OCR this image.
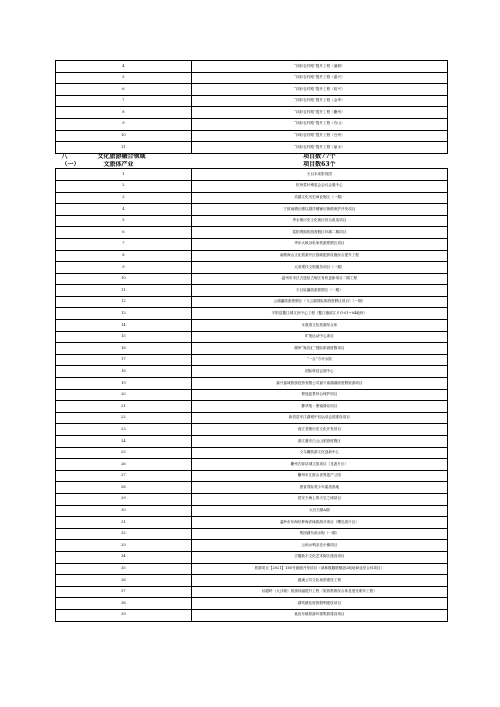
4	“四好农村路”提升工程（浦树）
5	“四好农村路”提升工程（嘉兴）
6	“四好农村路”提升工程（绍兴）
7	“四好农村路”提升工程（金华）
8	“四好农村路”提升工程（衢州）
9	“四好农村路”提升工程（舟山）
10	“四好农村路”提升工程（台州）
11	“四好农村路”提升工程（丽水）
八 文化旅游融合领域	项目数77个
（一） 文旅体产业	项目数63个
1	天目未来影视园
2	杭州菜叶博览会会议会展中心
3	宾越文化历史商业街区（一期）
4	宁波南塘区塘以剧洋楼铺坊街路保护开发项目
5	秀水街历史文化街区综合改造项目
6	富阳胥源旅游度假区环湖二期项目
7	华东大峡谷私家旅游度假区项目
8	南麂海山文化旅游开区基础配套设施综合提升工程
9	大成观代文旅服务项目（一期）
10	温州市市区古遗址古街区有机更新项目二期工程
11	天目宸瀛旅游度假区（一期）
12	云湖瀛旅游度假区（飞云湖国际旅游度假区项目）（一期）
13	平阳县鳌江城文体中心工程（鳌江镇滨江片G-01~04地块）
14	永康湾文化旅游综合体
15	旷苑运动中心项目
16	湖州“奥若汇”国际旅游度假项目
17	“一点”方圩水院
18	国际科技会展中心
19	嘉兴嘉城旅游投资有限公司嘉兴南湖湖滨度假旅游项目
20	鹜逸蓝景综合保护项目
21	鄞华苑・康镜驿站项目
22	新昌县车江湖城中岛运动会园建设项目
23	西江老街历史文化开发项目
24	浙江磐安白云山旅游度假区
25	义乌魔旅游文化创新中心
26	衢州古驿站城文旅项目（龙游片区）
27	衢州市江郎山世界遗产公园
28	团省青际青少年素质基地
29	居安天海上的天空之城项目
30	大台石镇A期
31	温岭市东海好梦海洋域旅游开项目（曙光湾片区）
32	集团湖东滨水街（一期）
33	云和水利亲近小镇项目
34	古榴新丰文化艺术街区建设项目
35	旅游项目【2021】185号旗级开发项目（演林数藏联镇创2地场商业综合体项目）
36	慈溪公共文化场馆建设工程
37	仙霞岭（大沙街）旅游综融提升工程（旅游集散综合体及度光明车工程）
38	湖笃镇佳度旅假利建设项目
39	莫田东镇旅游环境集群建设项目
